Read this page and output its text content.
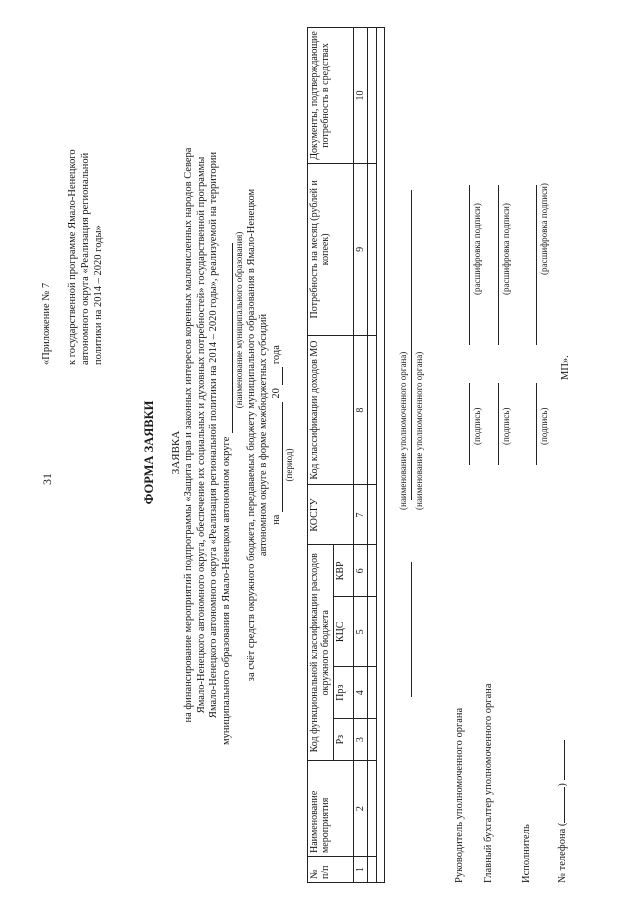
31
«Приложение № 7 к государственной программе Ямало-Ненецкого автономного округа «Реализация региональной политики на 2014 – 2020 годы»
ФОРМА ЗАЯВКИ ЗАЯВКА на финансирование мероприятий подпрограммы «Защита прав и законных интересов коренных малочисленных народов Севера Ямало-Ненецкого автономного округа, обеспечение их социальных и духовных потребностей» государственной программы Ямало-Ненецкого автономного округа «Реализация региональной политики на 2014 – 2020 годы», реализуемой на территории муниципального образования в Ямало-Ненецком автономном округе
(наименование муниципального образования) за счёт средств окружного бюджета, передаваемых бюджету муниципального образования в Ямало-Ненецком автономном округе в форме межбюджетных субсидий на
20
года
(период)
№ п/п	Наименование мероприятия	Код функциональной классификации расходов окружного бюджета				КОСГУ	Код классификации доходов МО	Потребность на месяц (рублей и копеек)	Документы, подтверждающие потребность в средствах
		Рз	Прз	КЦС	КВР				
1	2	3	4	5	6	7	8	9	10

(наименование уполномоченного органа) (наименование уполномоченного органа)
Руководитель уполномоченного органа
(подпись)
(расшифровка подписи)
Главный бухгалтер уполномоченного органа
(подпись)
(расшифровка подписи)
Исполнитель
(подпись)
(расшифровка подписи)
№ телефона ()
МП».
